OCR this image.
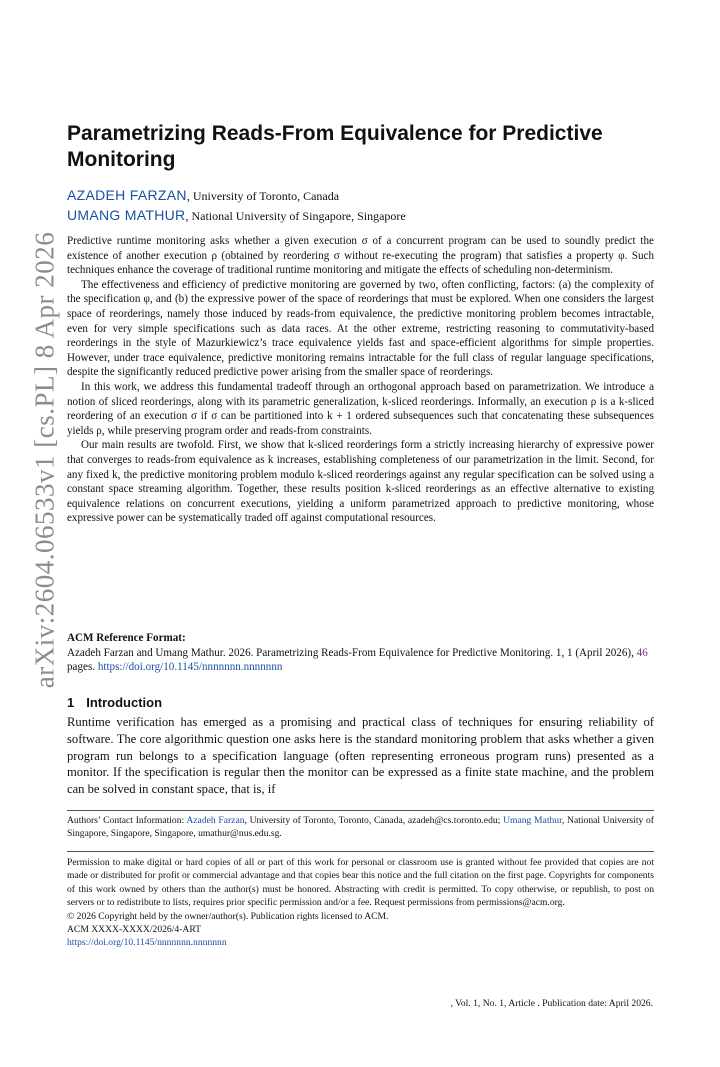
arXiv:2604.06533v1 [cs.PL] 8 Apr 2026
Parametrizing Reads-From Equivalence for Predictive Monitoring
AZADEH FARZAN, University of Toronto, Canada
UMANG MATHUR, National University of Singapore, Singapore

Predictive runtime monitoring asks whether a given execution σ of a concurrent program can be used to soundly predict the existence of another execution ρ (obtained by reordering σ without re-executing the program) that satisfies a property φ. Such techniques enhance the coverage of traditional runtime monitoring and mitigate the effects of scheduling non-determinism.

The effectiveness and efficiency of predictive monitoring are governed by two, often conflicting, factors: (a) the complexity of the specification φ, and (b) the expressive power of the space of reorderings that must be explored. When one considers the largest space of reorderings, namely those induced by reads-from equivalence, the predictive monitoring problem becomes intractable, even for very simple specifications such as data races. At the other extreme, restricting reasoning to commutativity-based reorderings in the style of Mazurkiewicz’s trace equivalence yields fast and space-efficient algorithms for simple properties. However, under trace equivalence, predictive monitoring remains intractable for the full class of regular language specifications, despite the significantly reduced predictive power arising from the smaller space of reorderings.

In this work, we address this fundamental tradeoff through an orthogonal approach based on parametrization. We introduce a notion of sliced reorderings, along with its parametric generalization, k-sliced reorderings. Informally, an execution ρ is a k-sliced reordering of an execution σ if σ can be partitioned into k + 1 ordered subsequences such that concatenating these subsequences yields ρ, while preserving program order and reads-from constraints.

Our main results are twofold. First, we show that k-sliced reorderings form a strictly increasing hierarchy of expressive power that converges to reads-from equivalence as k increases, establishing completeness of our parametrization in the limit. Second, for any fixed k, the predictive monitoring problem modulo k-sliced reorderings against any regular specification can be solved using a constant space streaming algorithm. Together, these results position k-sliced reorderings as an effective alternative to existing equivalence relations on concurrent executions, yielding a uniform parametrized approach to predictive monitoring, whose expressive power can be systematically traded off against computational resources.

ACM Reference Format:
Azadeh Farzan and Umang Mathur. 2026. Parametrizing Reads-From Equivalence for Predictive Monitoring. 1, 1 (April 2026), 46 pages. https://doi.org/10.1145/nnnnnnn.nnnnnnn
1 Introduction

Runtime verification has emerged as a promising and practical class of techniques for ensuring reliability of software. The core algorithmic question one asks here is the standard monitoring problem that asks whether a given program run belongs to a specification language (often representing erroneous program runs) presented as a monitor. If the specification is regular then the monitor can be expressed as a finite state machine, and the problem can be solved in constant space, that is, if

Authors’ Contact Information: Azadeh Farzan, University of Toronto, Toronto, Canada, azadeh@cs.toronto.edu; Umang Mathur, National University of Singapore, Singapore, Singapore, umathur@nus.edu.sg.
Permission to make digital or hard copies of all or part of this work for personal or classroom use is granted without fee provided that copies are not made or distributed for profit or commercial advantage and that copies bear this notice and the full citation on the first page. Copyrights for components of this work owned by others than the author(s) must be honored. Abstracting with credit is permitted. To copy otherwise, or republish, to post on servers or to redistribute to lists, requires prior specific permission and/or a fee. Request permissions from permissions@acm.org.
© 2026 Copyright held by the owner/author(s). Publication rights licensed to ACM.
ACM XXXX-XXXX/2026/4-ART
https://doi.org/10.1145/nnnnnnn.nnnnnnn
, Vol. 1, No. 1, Article . Publication date: April 2026.
